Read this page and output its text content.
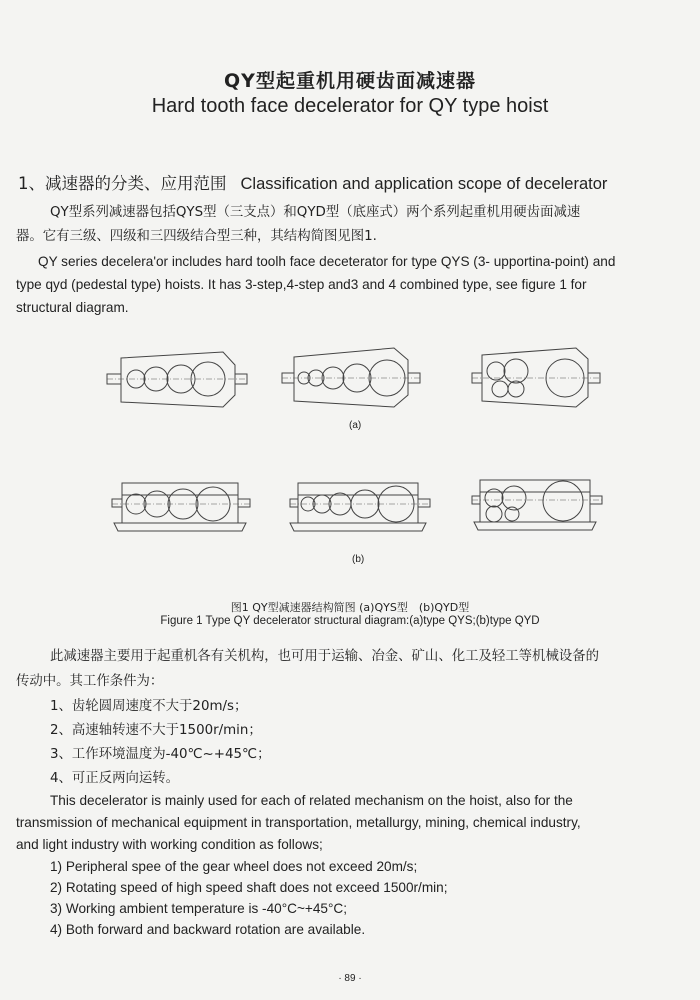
QY型起重机用硬齿面减速器
Hard tooth face decelerator for QY type hoist
1、减速器的分类、应用范围 Classification and application scope of decelerator
QY型系列减速器包括QYS型（三支点）和QYD型（底座式）两个系列起重机用硬齿面减速
器。它有三级、四级和三四级结合型三种，其结构简图见图1.
QY series decelera'or includes hard toolh face deceterator for type QYS (3- upportina-point) and
type qyd (pedestal type) hoists. It has 3-step,4-step and3 and 4 combined type, see figure 1 for
structural diagram.
(a)
(b)
图1 QY型减速器结构简图 (a)QYS型　(b)QYD型
Figure 1 Type QY decelerator structural diagram:(a)type QYS;(b)type QYD
此减速器主要用于起重机各有关机构，也可用于运输、冶金、矿山、化工及轻工等机械设备的
传动中。其工作条件为：
1、齿轮圆周速度不大于20m/s；
2、高速轴转速不大于1500r/min；
3、工作环境温度为-40℃~+45℃；
4、可正反两向运转。
This decelerator is mainly used for each of related mechanism on the hoist, also for the
transmission of mechanical equipment in transportation, metallurgy, mining, chemical industry,
and light industry with working condition as follows;
1) Peripheral spee of the gear wheel does not exceed 20m/s;
2) Rotating speed of high speed shaft does not exceed 1500r/min;
3) Working ambient temperature is -40°C~+45°C;
4) Both forward and backward rotation are available.
· 89 ·
